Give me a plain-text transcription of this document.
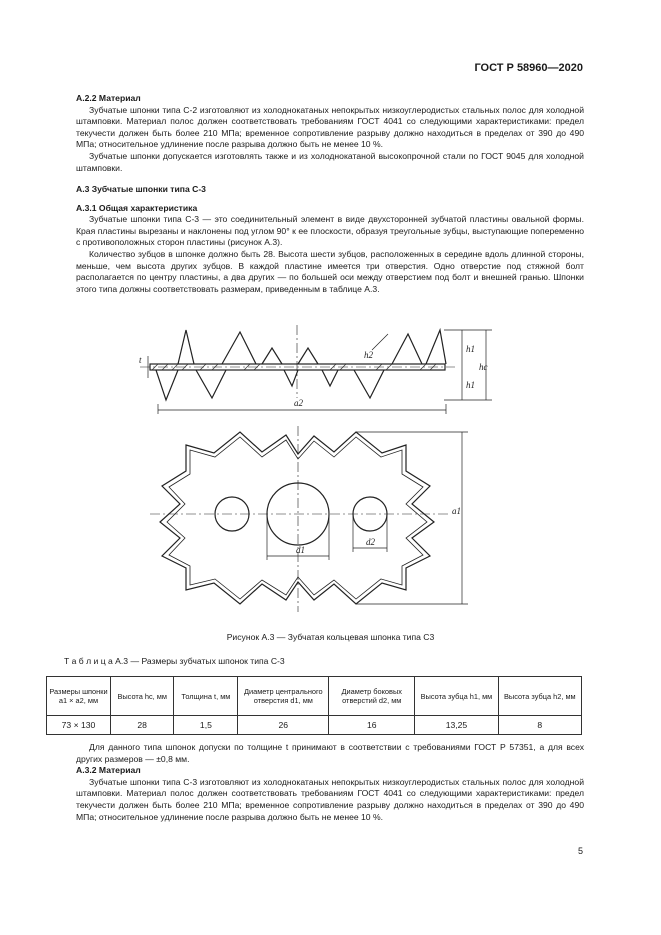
ГОСТ Р 58960—2020
А.2.2 Материал
Зубчатые шпонки типа С-2 изготовляют из холоднокатаных непокрытых низкоуглеродистых стальных полос для холодной штамповки. Материал полос должен соответствовать требованиям ГОСТ 4041 со следующими характеристиками: предел текучести должен быть более 210 МПа; временное сопротивление разрыву должно находиться в пределах от 390 до 490 МПа; относительное удлинение после разрыва должно быть не менее 10 %.
Зубчатые шпонки допускается изготовлять также и из холоднокатаной высокопрочной стали по ГОСТ 9045 для холодной штамповки.
А.3 Зубчатые шпонки типа С-3
А.3.1 Общая характеристика
Зубчатые шпонки типа С-3 — это соединительный элемент в виде двухсторонней зубчатой пластины овальной формы. Края пластины вырезаны и наклонены под углом 90° к ее плоскости, образуя треугольные зубцы, выступающие попеременно с противоположных сторон пластины (рисунок А.3).
Количество зубцов в шпонке должно быть 28. Высота шести зубцов, расположенных в середине вдоль длинной стороны, меньше, чем высота других зубцов. В каждой пластине имеется три отверстия. Одно отверстие под стяжной болт располагается по центру пластины, а два других — по большей оси между отверстием под болт и внешней гранью. Шпонки этого типа должны соответствовать размерам, приведенным в таблице А.3.
t
h1
h2
hc
h1
a2
a1
d1
d2
Рисунок А.3 — Зубчатая кольцевая шпонка типа С3
Т а б л и ц а А.3 — Размеры зубчатых шпонок типа С-3
Размеры шпонки a1 × a2, мм	Высота hc, мм	Толщина t, мм	Диаметр центрального отверстия d1, мм	Диаметр боковых отверстий d2, мм	Высота зубца h1, мм	Высота зубца h2, мм
73 × 130	28	1,5	26	16	13,25	8
Для данного типа шпонок допуски по толщине t принимают в соответствии с требованиями ГОСТ Р 57351, а для всех других размеров — ±0,8 мм.
А.3.2 Материал
Зубчатые шпонки типа С-3 изготовляют из холоднокатаных непокрытых низкоуглеродистых стальных полос для холодной штамповки. Материал полос должен соответствовать требованиям ГОСТ 4041 со следующими характеристиками: предел текучести должен быть более 210 МПа; временное сопротивление разрыву должно находиться в пределах от 390 до 490 МПа; относительное удлинение после разрыва должно быть не менее 10 %.
5
